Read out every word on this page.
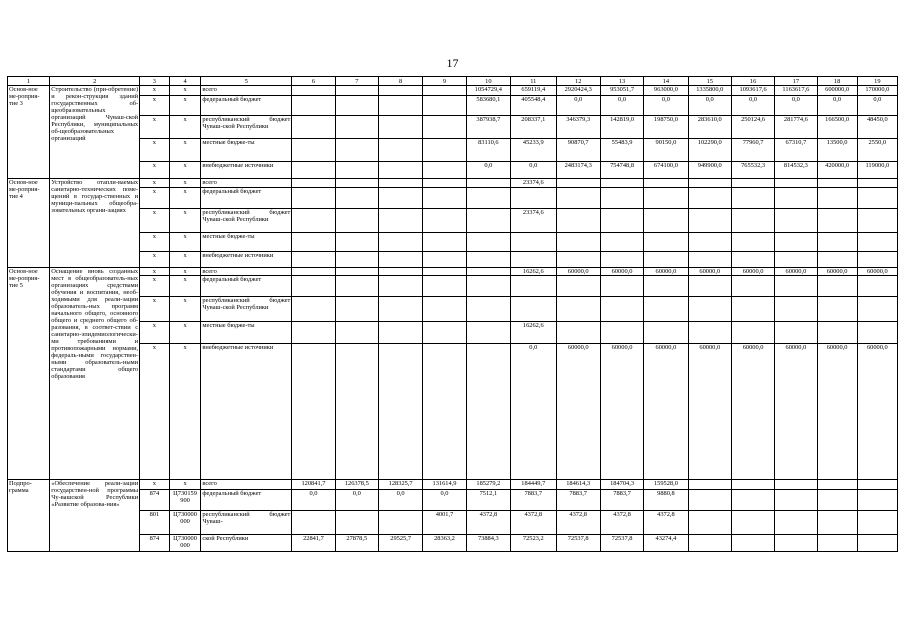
17
1	2	3	4	5	6	7	8	9	10	11	12	13	14	15	16	17	18	19
Основ-ное ме-роприя-тие 3	Строительство (при-обретение) и рекон-струкция зданий государственных об-щеобразовательных организаций Чуваш-ской Республики, муниципальных об-щеобразовательных организаций	х	х	всего					1054729,4	659119,4	2920424,3	953051,7	963000,0	1335800,0	1093617,6	1163617,6	600000,0	170000,0
		х	х	федеральный бюджет					583680,1	405548,4	0,0	0,0	0,0	0,0	0,0	0,0	0,0	0,0
		х	х	республиканский бюджет Чуваш-ской Республики					387938,7	208337,1	346379,3	142819,0	198750,0	283610,0	250124,6	281774,6	166500,0	48450,0
		х	х	местные бюдже-ты					83110,6	45233,9	90870,7	55483,9	90150,0	102290,0	77960,7	67310,7	13500,0	2550,0
		х	х	внебюджетные источники					0,0	0,0	2483174,3	754748,8	674100,0	949900,0	765532,3	814532,3	420000,0	119000,0
Основ-ное ме-роприя-тие 4	Устройство отапли-ваемых санитарно-технических поме-щений в государ-ственных и муници-пальных общеобра-зовательных органи-зациях	х	х	всего						23374,6								
		х	х	федеральный бюджет														
		х	х	республиканский бюджет Чуваш-ской Республики						23374,6								
		х	х	местные бюдже-ты														
		х	х	внебюджетные источники														
Основ-ное ме-роприя-тие 5	Оснащение вновь созданных мест в общеобразователь-ных организациях средствами обучения и воспитания, необ-ходимыми для реали-зации образователь-ных программ начального общего, основного общего и среднего общего об-разования, в соответ-ствии с санитарно-эпидемиологически-ми требованиями и противопожарными нормами, федераль-ными государствен-ными образователь-ными стандартами общего образования	х	х	всего						16262,6	60000,0	60000,0	60000,0	60000,0	60000,0	60000,0	60000,0	60000,0
		х	х	федеральный бюджет														
		х	х	республиканский бюджет Чуваш-ской Республики														
		х	х	местные бюдже-ты						16262,6								
		х	х	внебюджетные источники						0,0	60000,0	60000,0	60000,0	60000,0	60000,0	60000,0	60000,0	60000,0
Подпро-грамма	«Обеспечение реали-зации государствен-ной программы Чу-вашской Республики «Развитие образова-ния»	х	х	всего	120841,7	126378,5	128325,7	131614,9	185279,2	184449,7	184614,3	184704,3	159528,0					
		874	Ц730159 900	федеральный бюджет	0,0	0,0	0,0	0,0	7512,1	7883,7	7883,7	7883,7	9880,8					
		801	Ц730000 000	республиканский бюджет Чуваш-				4001,7	4372,8	4372,8	4372,8	4372,8	4372,8					
		874	Ц730000 000	ской Республики	22841,7	27878,5	29525,7	28363,2	73884,3	72523,2	72537,8	72537,8	43274,4					
